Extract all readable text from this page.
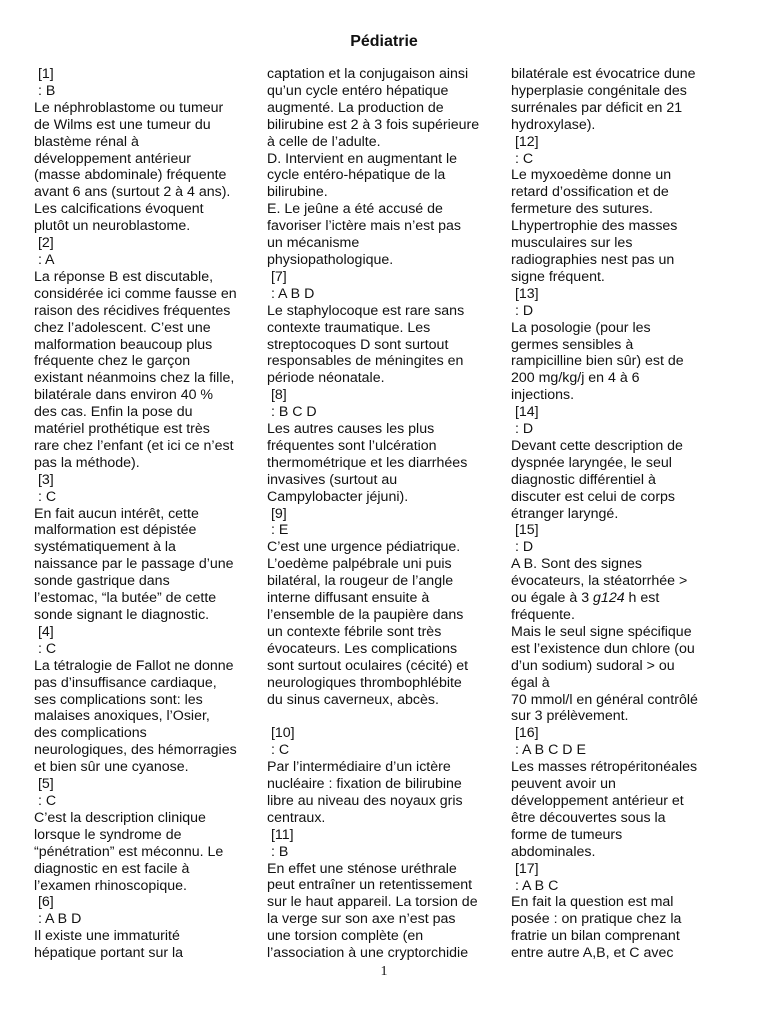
Pédiatrie
[1]
: B
Le néphroblastome ou tumeur
de Wilms est une tumeur du
blastème rénal à
développement antérieur
(masse abdominale) fréquente
avant 6 ans (surtout 2 à 4 ans).
Les calcifications évoquent
plutôt un neuroblastome.
[2]
: A
La réponse B est discutable,
considérée ici comme fausse en
raison des récidives fréquentes
chez l’adolescent. C’est une
malformation beaucoup plus
fréquente chez le garçon
existant néanmoins chez la fille,
bilatérale dans environ 40 %
des cas. Enfin la pose du
matériel prothétique est très
rare chez l’enfant (et ici ce n’est
pas la méthode).
[3]
: C
En fait aucun intérêt, cette
malformation est dépistée
systématiquement à la
naissance par le passage d’une
sonde gastrique dans
l’estomac, “la butée” de cette
sonde signant le diagnostic.
[4]
: C
La tétralogie de Fallot ne donne
pas d’insuffisance cardiaque,
ses complications sont: les
malaises anoxiques, l’Osier,
des complications
neurologiques, des hémorragies
et bien sûr une cyanose.
[5]
: C
C’est la description clinique
lorsque le syndrome de
“pénétration” est méconnu. Le
diagnostic en est facile à
l’examen rhinoscopique.
[6]
: A B D
Il existe une immaturité
hépatique portant sur la
captation et la conjugaison ainsi
qu’un cycle entéro hépatique
augmenté. La production de
bilirubine est 2 à 3 fois supérieure
à celle de l’adulte.
D. Intervient en augmentant le
cycle entéro-hépatique de la
bilirubine.
E. Le jeûne a été accusé de
favoriser l’ictère mais n’est pas
un mécanisme
physiopathologique.
[7]
: A B D
Le staphylocoque est rare sans
contexte traumatique. Les
streptocoques D sont surtout
responsables de méningites en
période néonatale.
[8]
: B C D
Les autres causes les plus
fréquentes sont l’ulcération
thermométrique et les diarrhées
invasives (surtout au
Campylobacter jéjuni).
[9]
: E
C’est une urgence pédiatrique.
L’oedème palpébrale uni puis
bilatéral, la rougeur de l’angle
interne diffusant ensuite à
l’ensemble de la paupière dans
un contexte fébrile sont très
évocateurs. Les complications
sont surtout oculaires (cécité) et
neurologiques thrombophlébite
du sinus caverneux, abcès.
[10]
: C
Par l’intermédiaire d’un ictère
nucléaire : fixation de bilirubine
libre au niveau des noyaux gris
centraux.
[11]
: B
En effet une sténose uréthrale
peut entraîner un retentissement
sur le haut appareil. La torsion de
la verge sur son axe n’est pas
une torsion complète (en
l’association à une cryptorchidie
bilatérale est évocatrice dune
hyperplasie congénitale des
surrénales par déficit en 21
hydroxylase).
[12]
: C
Le myxoedème donne un
retard d’ossification et de
fermeture des sutures.
Lhypertrophie des masses
musculaires sur les
radiographies nest pas un
signe fréquent.
[13]
: D
La posologie (pour les
germes sensibles à
rampicilline bien sûr) est de
200 mg/kg/j en 4 à 6
injections.
[14]
: D
Devant cette description de
dyspnée laryngée, le seul
diagnostic différentiel à
discuter est celui de corps
étranger laryngé.
[15]
: D
A B. Sont des signes
évocateurs, la stéatorrhée >
ou égale à 3 g124 h est
fréquente.
Mais le seul signe spécifique
est l’existence dun chlore (ou
d’un sodium) sudoral > ou
égal à
70 mmol/l en général contrôlé
sur 3 prélèvement.
[16]
: A B C D E
Les masses rétropéritonéales
peuvent avoir un
développement antérieur et
être découvertes sous la
forme de tumeurs
abdominales.
[17]
: A B C
En fait la question est mal
posée : on pratique chez la
fratrie un bilan comprenant
entre autre A,B, et C avec
1
